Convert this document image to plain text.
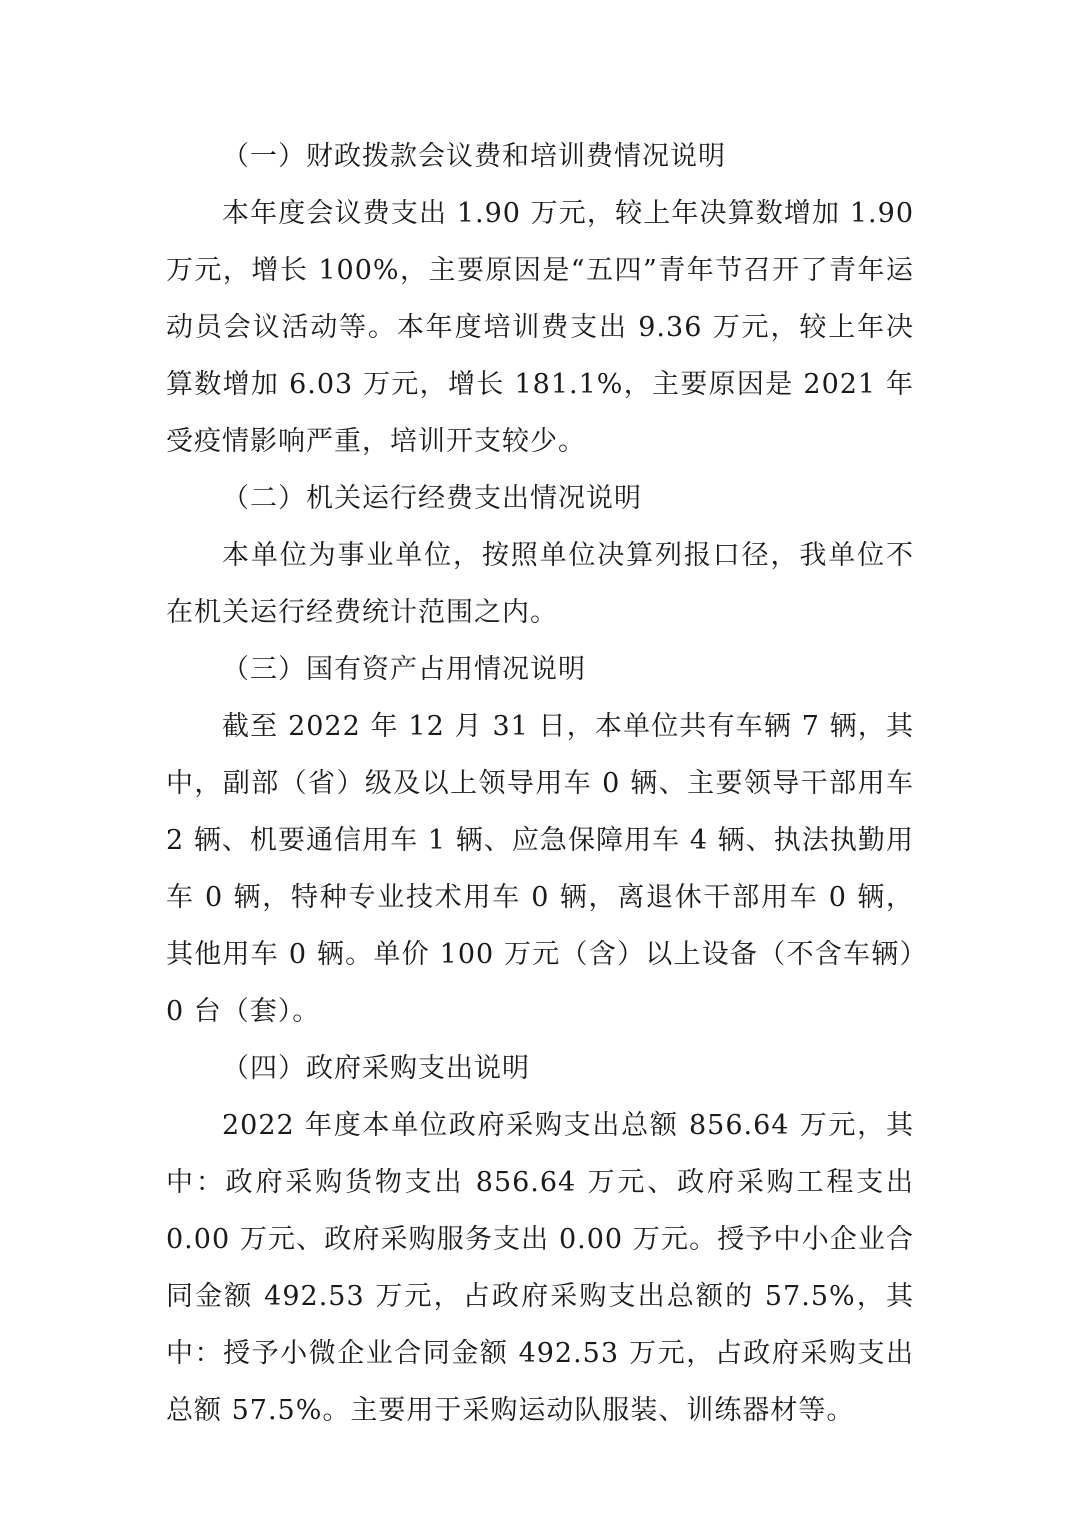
（一）财政拨款会议费和培训费情况说明

本年度会议费支出 1.90 万元，较上年决算数增加 1.90 万元，增长 100%，主要原因是“五四”青年节召开了青年运动员会议活动等。本年度培训费支出 9.36 万元，较上年决算数增加 6.03 万元，增长 181.1%，主要原因是 2021 年受疫情影响严重，培训开支较少。

（二）机关运行经费支出情况说明

本单位为事业单位，按照单位决算列报口径，我单位不在机关运行经费统计范围之内。

（三）国有资产占用情况说明

截至 2022 年 12 月 31 日，本单位共有车辆 7 辆，其中，副部（省）级及以上领导用车 0 辆、主要领导干部用车 2 辆、机要通信用车 1 辆、应急保障用车 4 辆、执法执勤用车 0 辆，特种专业技术用车 0 辆，离退休干部用车 0 辆，其他用车 0 辆。单价 100 万元（含）以上设备（不含车辆）0 台（套）。

（四）政府采购支出说明

2022 年度本单位政府采购支出总额 856.64 万元，其中：政府采购货物支出 856.64 万元、政府采购工程支出 0.00 万元、政府采购服务支出 0.00 万元。授予中小企业合同金额 492.53 万元，占政府采购支出总额的 57.5%，其中：授予小微企业合同金额 492.53 万元，占政府采购支出总额 57.5%。主要用于采购运动队服装、训练器材等。
